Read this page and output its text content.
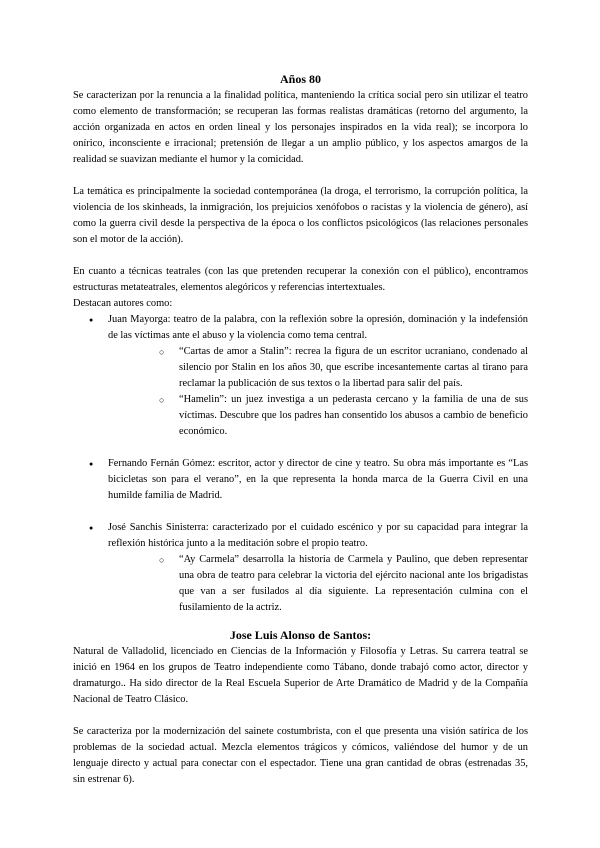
Años 80

Se caracterizan por la renuncia a la finalidad política, manteniendo la crítica social pero sin utilizar el teatro como elemento de transformación; se recuperan las formas realistas dramáticas (retorno del argumento, la acción organizada en actos en orden lineal y los personajes inspirados en la vida real); se incorpora lo onírico, inconsciente e irracional; pretensión de llegar a un amplio público, y los aspectos amargos de la realidad se suavizan mediante el humor y la comicidad.

La temática es principalmente la sociedad contemporánea (la droga, el terrorismo, la corrupción política, la violencia de los skinheads, la inmigración, los prejuicios xenófobos o racistas y la violencia de género), así como la guerra civil desde la perspectiva de la época o los conflictos psicológicos (las relaciones personales son el motor de la acción).

En cuanto a técnicas teatrales (con las que pretenden recuperar la conexión con el público), encontramos estructuras metateatrales, elementos alegóricos y referencias intertextuales.

Destacan autores como:

● Juan Mayorga: teatro de la palabra, con la reflexión sobre la opresión, dominación y la indefensión de las víctimas ante el abuso y la violencia como tema central.
○ “Cartas de amor a Stalin”: recrea la figura de un escritor ucraniano, condenado al silencio por Stalin en los años 30, que escribe incesantemente cartas al tirano para reclamar la publicación de sus textos o la libertad para salir del país.
○ “Hamelin”: un juez investiga a un pederasta cercano y la familia de una de sus víctimas. Descubre que los padres han consentido los abusos a cambio de beneficio económico.
● Fernando Fernán Gómez: escritor, actor y director de cine y teatro. Su obra más importante es “Las bicicletas son para el verano”, en la que representa la honda marca de la Guerra Civil en una humilde familia de Madrid.
● José Sanchis Sinisterra: caracterizado por el cuidado escénico y por su capacidad para integrar la reflexión histórica junto a la meditación sobre el propio teatro.
○ “Ay Carmela” desarrolla la historia de Carmela y Paulino, que deben representar una obra de teatro para celebrar la victoria del ejército nacional ante los brigadistas que van a ser fusilados al día siguiente. La representación culmina con el fusilamiento de la actriz.
Jose Luis Alonso de Santos:

Natural de Valladolid, licenciado en Ciencias de la Información y Filosofía y Letras. Su carrera teatral se inició en 1964 en los grupos de Teatro independiente como Tábano, donde trabajó como actor, director y dramaturgo.. Ha sido director de la Real Escuela Superior de Arte Dramático de Madrid y de la Compañía Nacional de Teatro Clásico.

Se caracteriza por la modernización del sainete costumbrista, con el que presenta una visión satírica de los problemas de la sociedad actual. Mezcla elementos trágicos y cómicos, valiéndose del humor y de un lenguaje directo y actual para conectar con el espectador. Tiene una gran cantidad de obras (estrenadas 35, sin estrenar 6).
